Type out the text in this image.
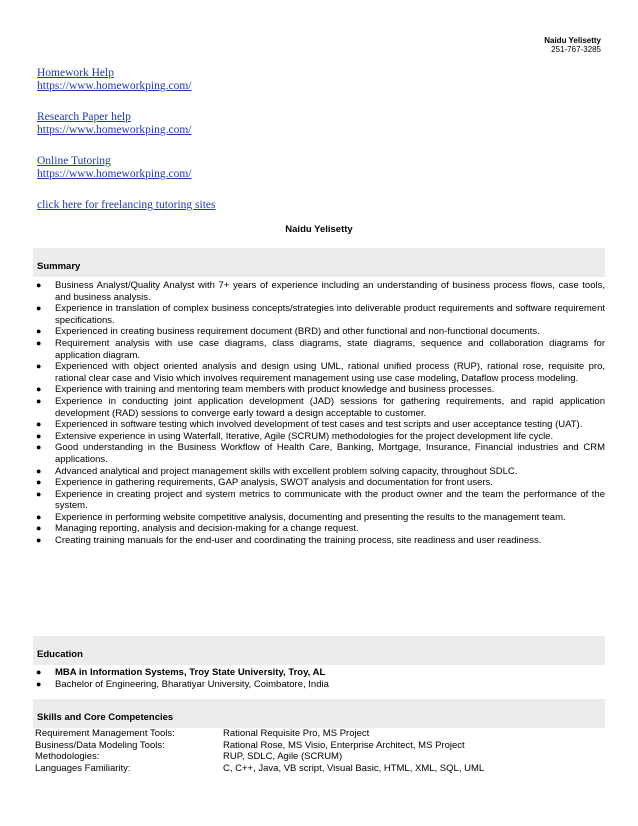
Naidu Yelisetty
251-767-3285
Homework Help
https://www.homeworkping.com/
Research Paper help
https://www.homeworkping.com/
Online Tutoring
https://www.homeworkping.com/
click here for freelancing tutoring sites
Naidu Yelisetty
Summary
● Business Analyst/Quality Analyst with 7+ years of experience including an understanding of business process flows, case tools, and business analysis.
● Experience in translation of complex business concepts/strategies into deliverable product requirements and software requirement specifications.
● Experienced in creating business requirement document (BRD) and other functional and non-functional documents.
● Requirement analysis with use case diagrams, class diagrams, state diagrams, sequence and collaboration diagrams for application diagram.
● Experienced with object oriented analysis and design using UML, rational unified process (RUP), rational rose, requisite pro, rational clear case and Visio which involves requirement management using use case modeling, Dataflow process modeling.
● Experience with training and mentoring team members with product knowledge and business processes.
● Experience in conducting joint application development (JAD) sessions for gathering requirements, and rapid application development (RAD) sessions to converge early toward a design acceptable to customer.
● Experienced in software testing which involved development of test cases and test scripts and user acceptance testing (UAT).
● Extensive experience in using Waterfall, Iterative, Agile (SCRUM) methodologies for the project development life cycle.
● Good understanding in the Business Workflow of Health Care, Banking, Mortgage, Insurance, Financial industries and CRM applications.
● Advanced analytical and project management skills with excellent problem solving capacity, throughout SDLC.
● Experience in gathering requirements, GAP analysis, SWOT analysis and documentation for front users.
● Experience in creating project and system metrics to communicate with the product owner and the team the performance of the system.
● Experience in performing website competitive analysis, documenting and presenting the results to the management team.
● Managing reporting, analysis and decision-making for a change request.
● Creating training manuals for the end-user and coordinating the training process, site readiness and user readiness.
Education
● MBA in Information Systems, Troy State University, Troy, AL
● Bachelor of Engineering, Bharatiyar University, Coimbatore, India
Skills and Core Competencies
Requirement Management Tools:	Rational Requisite Pro, MS Project
Business/Data Modeling Tools:	Rational Rose, MS Visio, Enterprise Architect, MS Project
Methodologies:	RUP, SDLC, Agile (SCRUM)
Languages Familiarity:	C, C++, Java, VB script, Visual Basic, HTML, XML, SQL, UML
